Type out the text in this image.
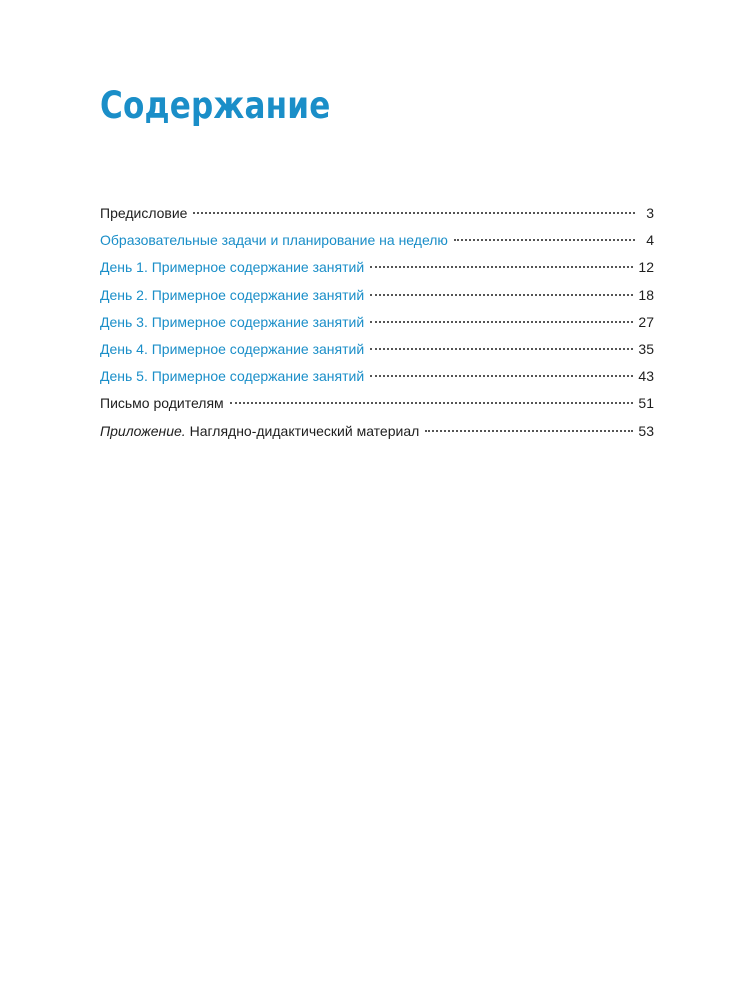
Содержание
Предисловие	3
Образовательные задачи и планирование на неделю	4
День 1. Примерное содержание занятий	12
День 2. Примерное содержание занятий	18
День 3. Примерное содержание занятий	27
День 4. Примерное содержание занятий	35
День 5. Примерное содержание занятий	43
Письмо родителям	51
Приложение. Наглядно-дидактический материал	53
